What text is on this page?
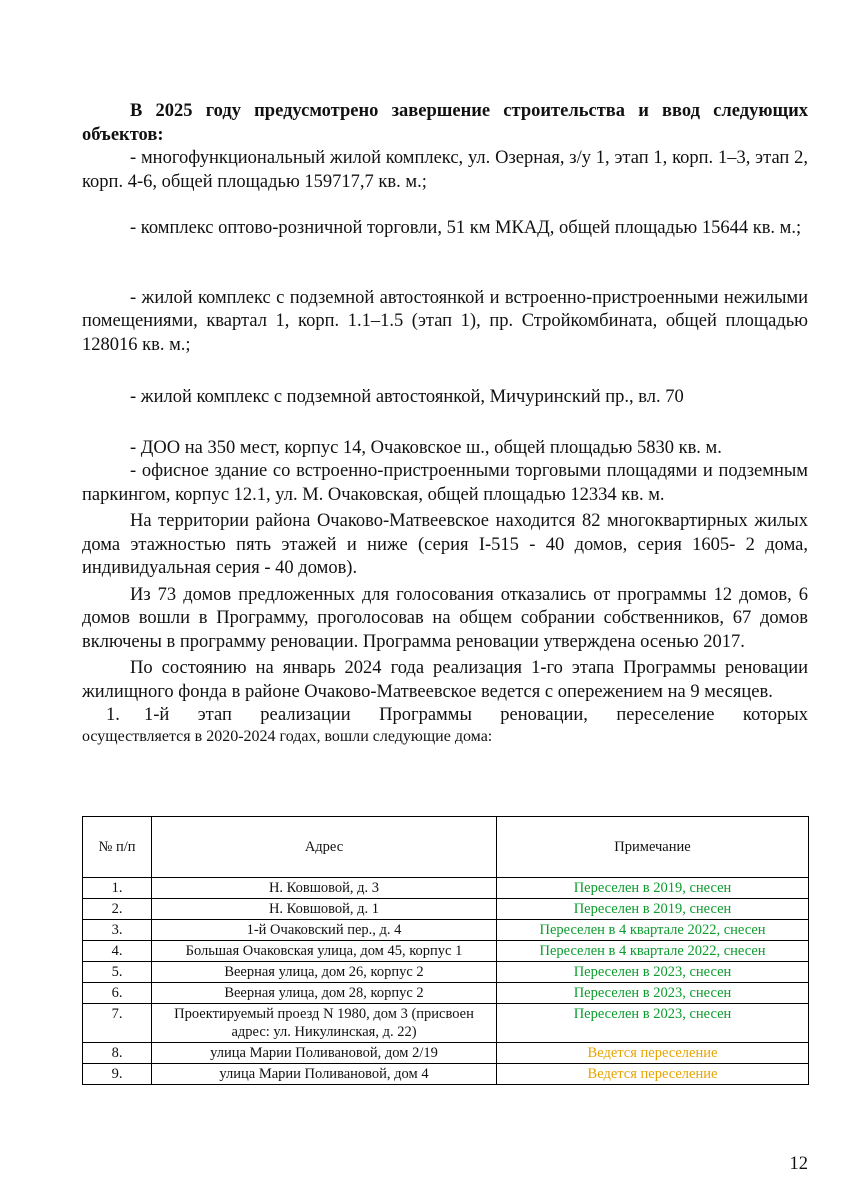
В 2025 году предусмотрено завершение строительства и ввод следующих объектов:

- многофункциональный жилой комплекс, ул. Озерная, з/у 1, этап 1, корп. 1–3, этап 2, корп. 4-6, общей площадью 159717,7 кв. м.;

- комплекс оптово-розничной торговли, 51 км МКАД, общей площадью 15644 кв. м.;

- жилой комплекс с подземной автостоянкой и встроенно-пристроенными нежилыми помещениями, квартал 1, корп. 1.1–1.5 (этап 1), пр. Стройкомбината, общей площадью 128016 кв. м.;

- жилой комплекс с подземной автостоянкой, Мичуринский пр., вл. 70

- ДОО на 350 мест, корпус 14, Очаковское ш., общей площадью 5830 кв. м.

- офисное здание со встроенно-пристроенными торговыми площадями и подземным паркингом, корпус 12.1, ул. М. Очаковская, общей площадью 12334 кв. м.

На территории района Очаково-Матвеевское находится 82 многоквартирных жилых дома этажностью пять этажей и ниже (серия I-515 - 40 домов, серия 1605- 2 дома, индивидуальная серия - 40 домов).

Из 73 домов предложенных для голосования отказались от программы 12 домов, 6 домов вошли в Программу, проголосовав на общем собрании собственников, 67 домов включены в программу реновации. Программа реновации утверждена осенью 2017.

По состоянию на январь 2024 года реализация 1-го этапа Программы реновации жилищного фонда в районе Очаково-Матвеевское ведется с опережением на 9 месяцев.

1.	1-й этап реализации Программы реновации, переселение которых
осуществляется в 2020-2024 годах, вошли следующие дома:
№ п/п	Адрес	Примечание
1.	Н. Ковшовой, д. 3	Переселен в 2019, снесен
2.	Н. Ковшовой, д. 1	Переселен в 2019, снесен
3.	1-й Очаковский пер., д. 4	Переселен в 4 квартале 2022, снесен
4.	Большая Очаковская улица, дом 45, корпус 1	Переселен в 4 квартале 2022, снесен
5.	Веерная улица, дом 26, корпус 2	Переселен в 2023, снесен
6.	Веерная улица, дом 28, корпус 2	Переселен в 2023, снесен
7.	Проектируемый проезд N 1980, дом 3 (присвоен адрес: ул. Никулинская, д. 22)	Переселен в 2023, снесен
8.	улица Марии Поливановой, дом 2/19	Ведется переселение
9.	улица Марии Поливановой, дом 4	Ведется переселение
12
